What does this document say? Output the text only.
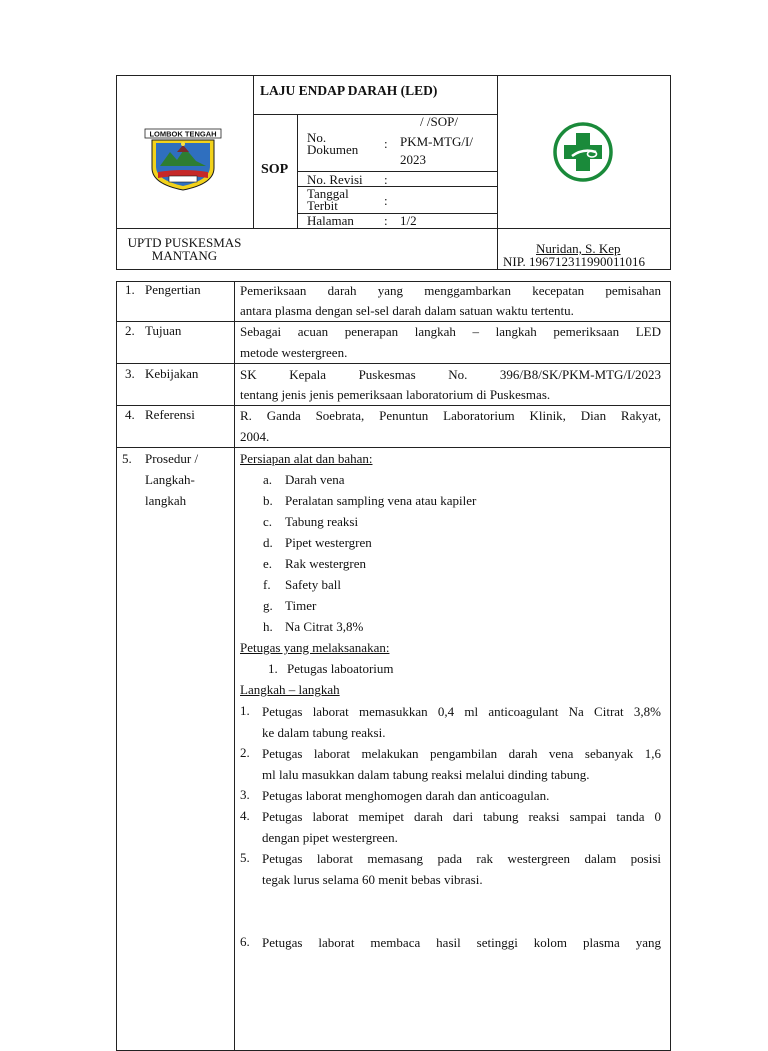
LOMBOK TENGAH
LAJU ENDAP DARAH (LED)
SOP
No.
Dokumen :
/ /SOP/
PKM-MTG/I/
2023
No. Revisi :
Tanggal
Terbit	:
Halaman : 1/2
UPTD PUSKESMAS
MANTANG	Nuridan, S. Kep
NIP. 196712311990011016
1. Pengertian	Pemeriksaan darah yang menggambarkan kecepatan pemisahan
antara plasma dengan sel-sel darah dalam satuan waktu tertentu.
2. Tujuan	Sebagai acuan penerapan langkah – langkah pemeriksaan LED
metode westergreen.
3. Kebijakan	SK Kepala Puskesmas No. 396/B8/SK/PKM-MTG/I/2023
tentang jenis jenis pemeriksaan laboratorium di Puskesmas.
4. Referensi	R. Ganda Soebrata, Penuntun Laboratorium Klinik, Dian Rakyat,
2004.
5. Prosedur /
Langkah-
langkah
Persiapan alat dan bahan:
a. Darah vena
b. Peralatan sampling vena atau kapiler
c. Tabung reaksi
d. Pipet westergren
e. Rak westergren
f. Safety ball
g. Timer
h. Na Citrat 3,8%
Petugas yang melaksanakan:
1. Petugas laboatorium
Langkah – langkah
1. Petugas laborat memasukkan 0,4 ml anticoagulant Na Citrat 3,8%
ke dalam tabung reaksi.
2. Petugas laborat melakukan pengambilan darah vena sebanyak 1,6
ml lalu masukkan dalam tabung reaksi melalui dinding tabung.
3. Petugas laborat menghomogen darah dan anticoagulan.
4. Petugas laborat memipet darah dari tabung reaksi sampai tanda 0
dengan pipet westergreen.
5. Petugas laborat memasang pada rak westergreen dalam posisi
tegak lurus selama 60 menit bebas vibrasi.
6. Petugas laborat membaca hasil setinggi kolom plasma yang
